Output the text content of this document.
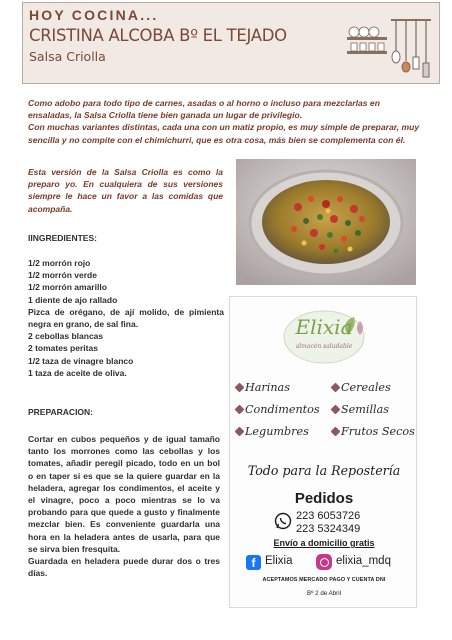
HOY COCINA...
CRISTINA ALCOBA Bº EL TEJADO
Salsa Criolla

Como adobo para todo tipo de carnes, asadas o al horno o incluso para mezclarlas en ensaladas, la Salsa Criolla tiene bien ganada un lugar de privilegio.

Con muchas variantes distintas, cada una con un matiz propio, es muy simple de preparar, muy sencilla y no compite con el chimichurri, que es otra cosa, más bien se complementa con él.

Esta versión de la Salsa Criolla es como la preparo yo. En cualquiera de sus versiones siempre le hace un favor a las comidas que acompaña.

IINGREDIENTES:
1/2 morrón rojo
1/2 morrón verde
1/2 morrón amarillo
1 diente de ajo rallado
Pizca de orégano, de ají molido, de pimienta negra en grano, de sal fina.
2 cebollas blancas
2 tomates peritas
1/2 taza de vinagre blanco
1 taza de aceite de oliva.
PREPARACION:

Cortar en cubos pequeños y de igual tamaño tanto los morrones como las cebollas y los tomates, añadir peregil picado, todo en un bol o en taper si es que se la quiere guardar en la heladera, agregar los condimentos, el aceite y el vinagre, poco a poco mientras se lo va probando para que quede a gusto y finalmente mezclar bien. Es conveniente guardarla una hora en la heladera antes de usarla, para que se sirva bien fresquita.

Guardada en heladera puede durar dos o tres días.

Elixia
almacén saludable
Harinas	Cereales
Condimentos	Semillas
Legumbres	Frutos Secos
Todo para la Repostería
Pedidos
223 6053726
223 5324349
Envío a domicilio gratis
f Elixia	elixia_mdq
ACEPTAMOS MERCADO PAGO Y CUENTA DNI
Bº 2 de Abril
